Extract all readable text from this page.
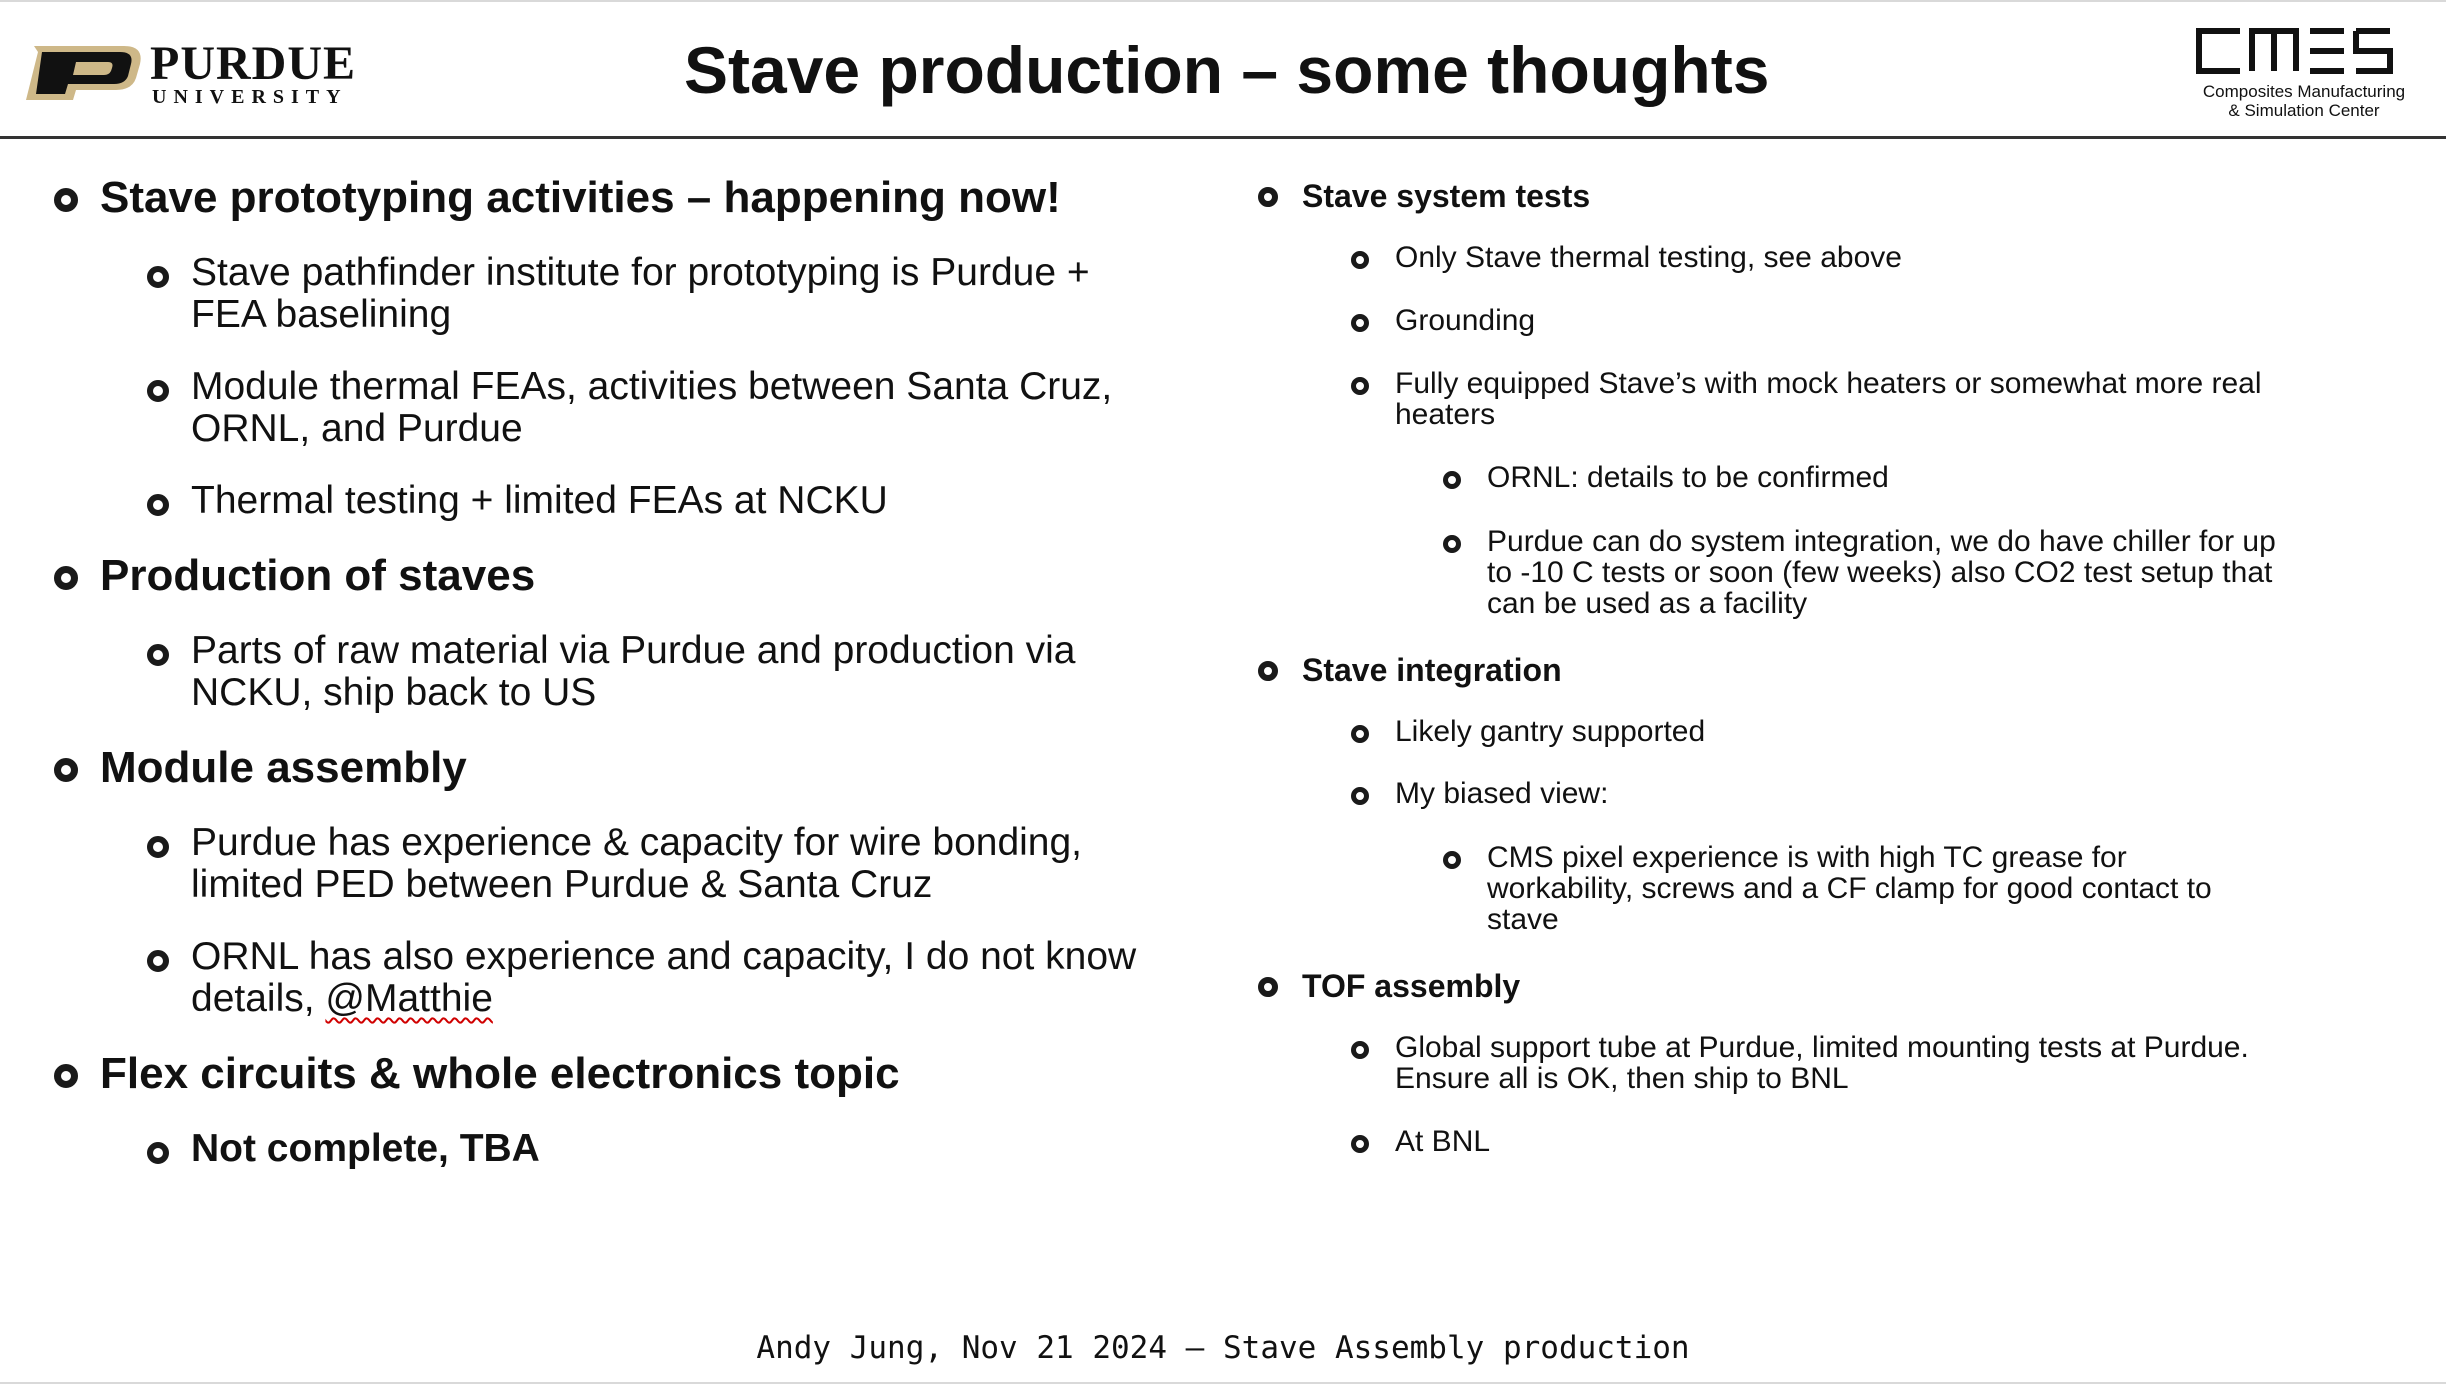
PURDUE
UNIVERSITY	Stave production – some thoughts	Composites Manufacturing
& Simulation Center
Stave prototyping activities – happening now!
Stave pathfinder institute for prototyping is Purdue + FEA baselining
Module thermal FEAs, activities between Santa Cruz, ORNL, and Purdue
Thermal testing + limited FEAs at NCKU
Production of staves
Parts of raw material via Purdue and production via NCKU, ship back to US
Module assembly
Purdue has experience & capacity for wire bonding, limited PED between Purdue & Santa Cruz
ORNL has also experience and capacity, I do not know details, @Matthie
Flex circuits & whole electronics topic
Not complete, TBA
Stave system tests
Only Stave thermal testing, see above
Grounding
Fully equipped Stave’s with mock heaters or somewhat more real heaters
ORNL: details to be confirmed
Purdue can do system integration, we do have chiller for up to -10 C tests or soon (few weeks) also CO2 test setup that can be used as a facility
Stave integration
Likely gantry supported
My biased view:
CMS pixel experience is with high TC grease for workability, screws and a CF clamp for good contact to stave
TOF assembly
Global support tube at Purdue, limited mounting tests at Purdue. Ensure all is OK, then ship to BNL
At BNL
Andy Jung, Nov 21 2024 – Stave Assembly production
